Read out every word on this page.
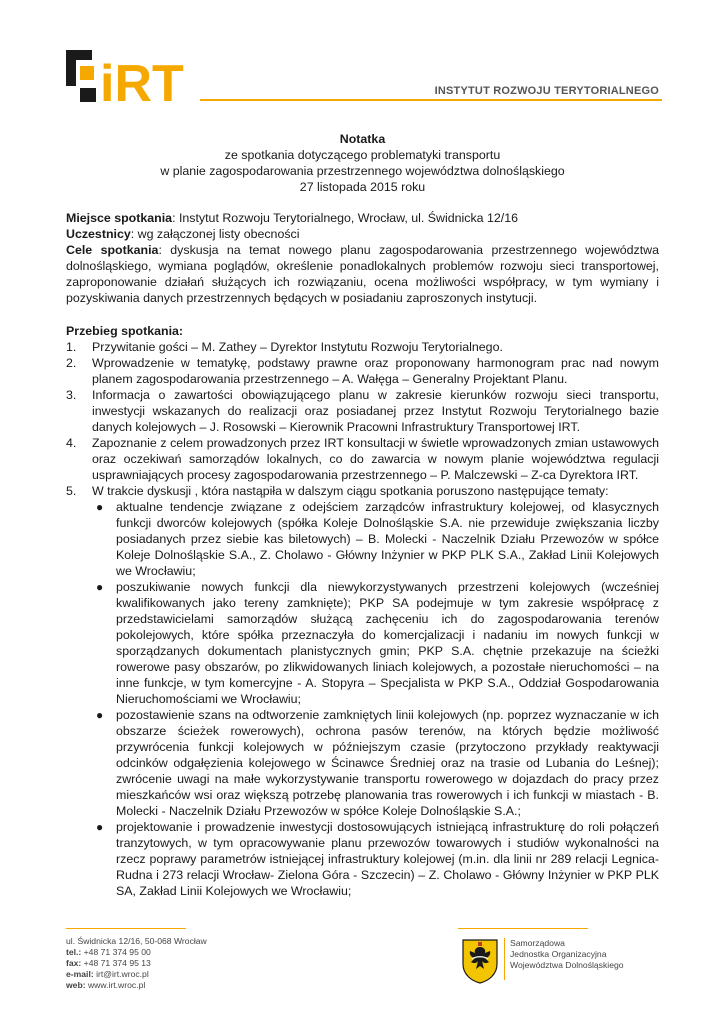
iRT	INSTYTUT ROZWOJU TERYTORIALNEGO
Notatka
ze spotkania dotyczącego problematyki transportu
w planie zagospodarowania przestrzennego województwa dolnośląskiego
27 listopada 2015 roku

Miejsce spotkania: Instytut Rozwoju Terytorialnego, Wrocław, ul. Świdnicka 12/16

Uczestnicy: wg załączonej listy obecności

Cele spotkania: dyskusja na temat nowego planu zagospodarowania przestrzennego województwa dolnośląskiego, wymiana poglądów, określenie ponadlokalnych problemów rozwoju sieci transportowej, zaproponowanie działań służących ich rozwiązaniu, ocena możliwości współpracy, w tym wymiany i pozyskiwania danych przestrzennych będących w posiadaniu zaproszonych instytucji.

Przebieg spotkania:

1. Przywitanie gości – M. Zathey – Dyrektor Instytutu Rozwoju Terytorialnego.
2. Wprowadzenie w tematykę, podstawy prawne oraz proponowany harmonogram prac nad nowym planem zagospodarowania przestrzennego – A. Wałęga – Generalny Projektant Planu.
3. Informacja o zawartości obowiązującego planu w zakresie kierunków rozwoju sieci transportu, inwestycji wskazanych do realizacji oraz posiadanej przez Instytut Rozwoju Terytorialnego bazie danych kolejowych – J. Rosowski – Kierownik Pracowni Infrastruktury Transportowej IRT.
4. Zapoznanie z celem prowadzonych przez IRT konsultacji w świetle wprowadzonych zmian ustawowych oraz oczekiwań samorządów lokalnych, co do zawarcia w nowym planie województwa regulacji usprawniających procesy zagospodarowania przestrzennego – P. Malczewski – Z-ca Dyrektora IRT.
5. W trakcie dyskusji , która nastąpiła w dalszym ciągu spotkania poruszono następujące tematy:
● aktualne tendencje związane z odejściem zarządców infrastruktury kolejowej, od klasycznych funkcji dworców kolejowych (spółka Koleje Dolnośląskie S.A. nie przewiduje zwiększania liczby posiadanych przez siebie kas biletowych) – B. Molecki - Naczelnik Działu Przewozów w spółce Koleje Dolnośląskie S.A., Z. Cholawo - Główny Inżynier w PKP PLK S.A., Zakład Linii Kolejowych we Wrocławiu;
● poszukiwanie nowych funkcji dla niewykorzystywanych przestrzeni kolejowych (wcześniej kwalifikowanych jako tereny zamknięte); PKP SA podejmuje w tym zakresie współpracę z przedstawicielami samorządów służącą zachęceniu ich do zagospodarowania terenów pokolejowych, które spółka przeznaczyła do komercjalizacji i nadaniu im nowych funkcji w sporządzanych dokumentach planistycznych gmin; PKP S.A. chętnie przekazuje na ścieżki rowerowe pasy obszarów, po zlikwidowanych liniach kolejowych, a pozostałe nieruchomości – na inne funkcje, w tym komercyjne - A. Stopyra – Specjalista w PKP S.A., Oddział Gospodarowania Nieruchomościami we Wrocławiu;
● pozostawienie szans na odtworzenie zamkniętych linii kolejowych (np. poprzez wyznaczanie w ich obszarze ścieżek rowerowych), ochrona pasów terenów, na których będzie możliwość przywrócenia funkcji kolejowych w późniejszym czasie (przytoczono przykłady reaktywacji odcinków odgałęzienia kolejowego w Ścinawce Średniej oraz na trasie od Lubania do Leśnej); zwrócenie uwagi na małe wykorzystywanie transportu rowerowego w dojazdach do pracy przez mieszkańców wsi oraz większą potrzebę planowania tras rowerowych i ich funkcji w miastach - B. Molecki - Naczelnik Działu Przewozów w spółce Koleje Dolnośląskie S.A.;
● projektowanie i prowadzenie inwestycji dostosowujących istniejącą infrastrukturę do roli połączeń tranzytowych, w tym opracowywanie planu przewozów towarowych i studiów wykonalności na rzecz poprawy parametrów istniejącej infrastruktury kolejowej (m.in. dla linii nr 289 relacji Legnica-Rudna i 273 relacji Wrocław- Zielona Góra - Szczecin) – Z. Cholawo - Główny Inżynier w PKP PLK SA, Zakład Linii Kolejowych we Wrocławiu;
ul. Świdnicka 12/16, 50-068 Wrocław
tel.: +48 71 374 95 00
fax: +48 71 374 95 13
e-mail: irt@irt.wroc.pl
web: www.irt.wroc.pl
Samorządowa
Jednostka Organizacyjna
Województwa Dolnośląskiego
